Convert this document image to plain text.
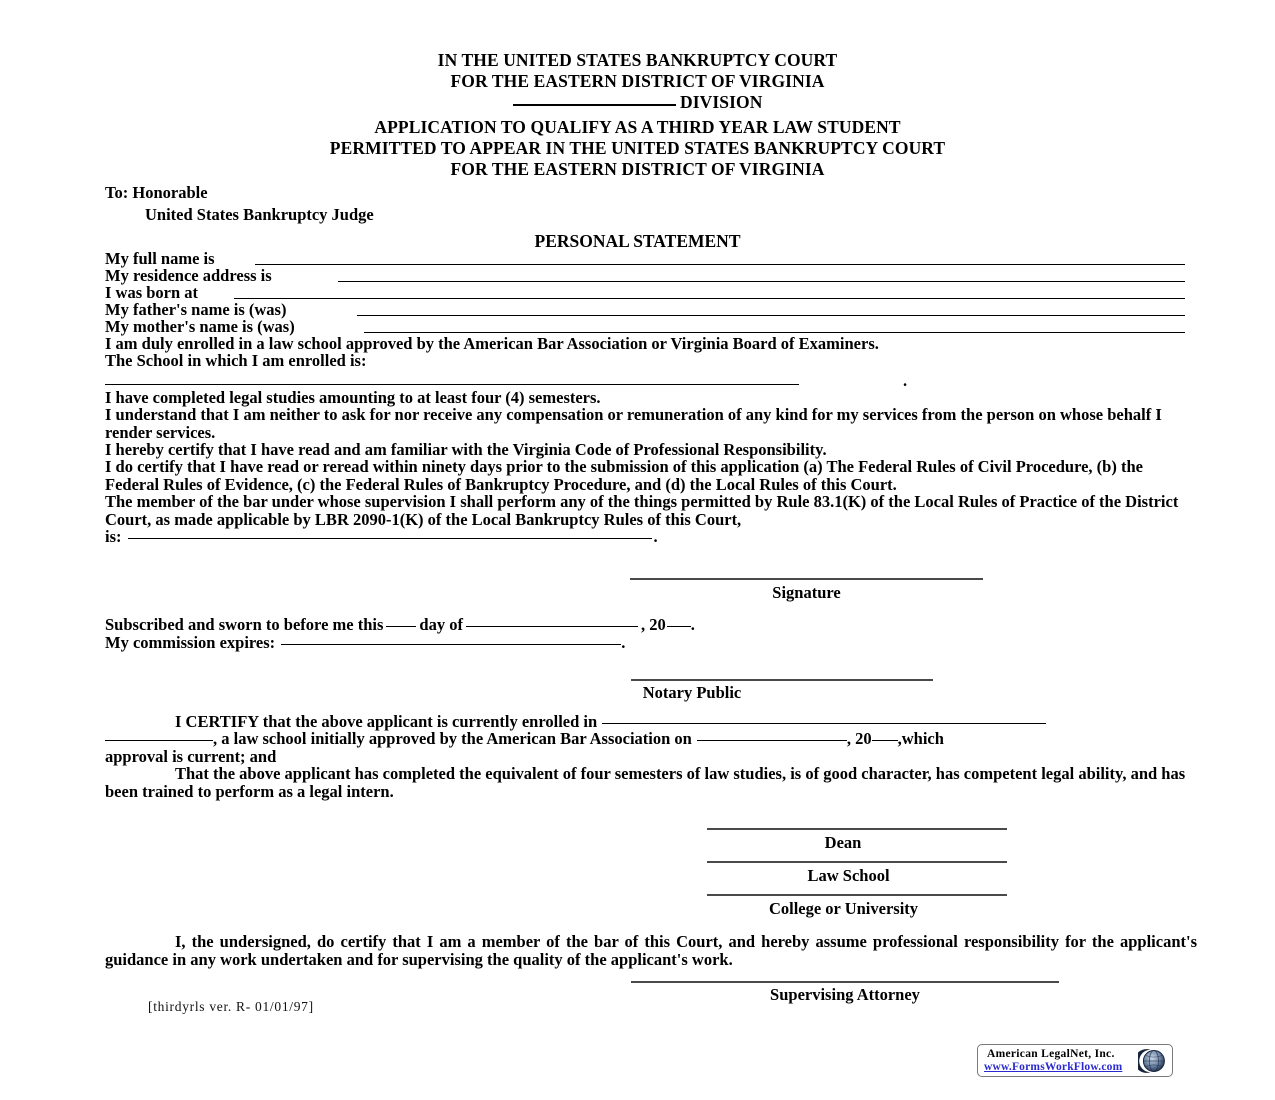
IN THE UNITED STATES BANKRUPTCY COURT
FOR THE EASTERN DISTRICT OF VIRGINIA
DIVISION
APPLICATION TO QUALIFY AS A THIRD YEAR LAW STUDENT
PERMITTED TO APPEAR IN THE UNITED STATES BANKRUPTCY COURT
FOR THE EASTERN DISTRICT OF VIRGINIA
To: Honorable
United States Bankruptcy Judge
PERSONAL STATEMENT
My full name is
My residence address is
I was born at
My father's name is (was)
My mother's name is (was)

I am duly enrolled in a law school approved by the American Bar Association or Virginia Board of Examiners.

The School in which I am enrolled is:

.

I have completed legal studies amounting to at least four (4) semesters.

I understand that I am neither to ask for nor receive any compensation or remuneration of any kind for my services from the person on whose behalf I render services.

I hereby certify that I have read and am familiar with the Virginia Code of Professional Responsibility.

I do certify that I have read or reread within ninety days prior to the submission of this application (a) The Federal Rules of Civil Procedure, (b) the Federal Rules of Evidence, (c) the Federal Rules of Bankruptcy Procedure, and (d) the Local Rules of this Court.

The member of the bar under whose supervision I shall perform any of the things permitted by Rule 83.1(K) of the Local Rules of Practice of the District Court, as made applicable by LBR 2090-1(K) of the Local Bankruptcy Rules of this Court,

is:	.

Signature
Subscribed and sworn to before me this day of	, 20 .
My commission expires:	.
Notary Public

I CERTIFY that the above applicant is currently enrolled in

, a law school initially approved by the American Bar Association on	, 20 ,which

approval is current; and

That the above applicant has completed the equivalent of four semesters of law studies, is of good character, has competent legal ability, and has been trained to perform as a legal intern.

Dean
Law School
College or University

I, the undersigned, do certify that I am a member of the bar of this Court, and hereby assume professional responsibility for the applicant's guidance in any work undertaken and for supervising the quality of the applicant's work.

Supervising Attorney
[thirdyrls ver. R- 01/01/97]
American LegalNet, Inc.
www.FormsWorkFlow.com
